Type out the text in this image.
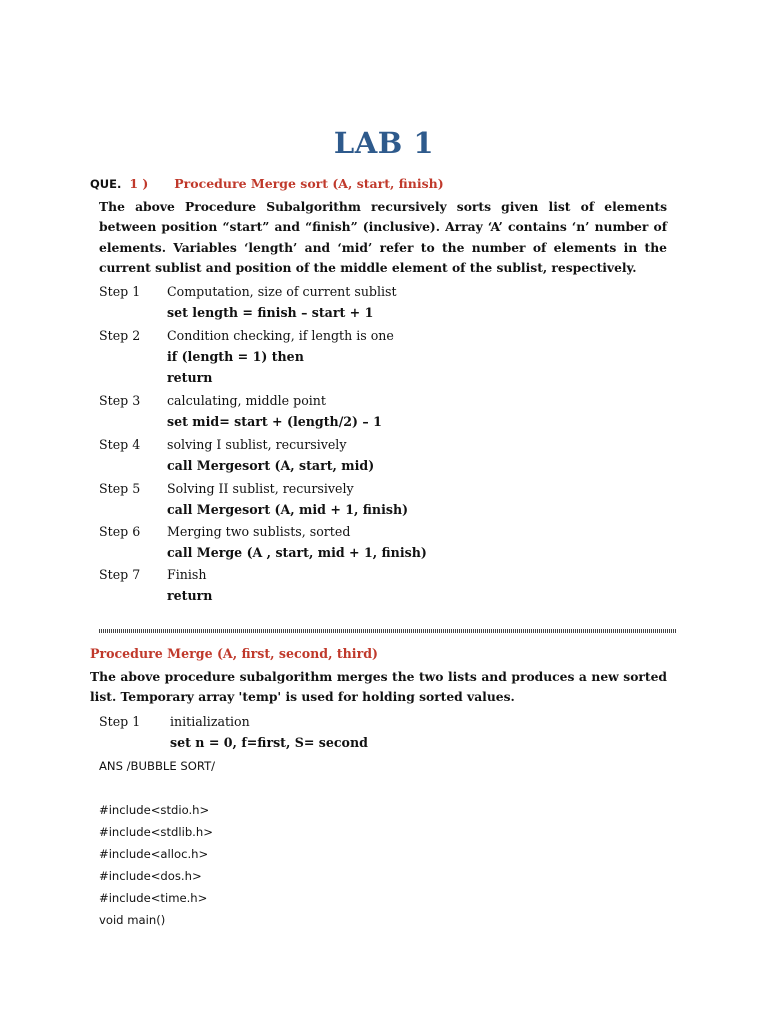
LAB 1
QUE. 1 ) Procedure Merge sort (A, start, finish)
The above Procedure Subalgorithm recursively sorts given list of elements between position “start” and “finish” (inclusive). Array ‘A’ contains ‘n’ number of elements. Variables ‘length’ and ‘mid’ refer to the number of elements in the current sublist and position of the middle element of the sublist, respectively.
Step 1 Computation, size of current sublist
set length = finish – start + 1
Step 2 Condition checking, if length is one
if (length = 1) then
return
Step 3 calculating, middle point
set mid= start + (length/2) – 1
Step 4 solving I sublist, recursively
call Mergesort (A, start, mid)
Step 5 Solving II sublist, recursively
call Mergesort (A, mid + 1, finish)
Step 6 Merging two sublists, sorted
call Merge (A , start, mid + 1, finish)
Step 7 Finish
return
Procedure Merge (A, first, second, third)
The above procedure subalgorithm merges the two lists and produces a new sorted list. Temporary array 'temp' is used for holding sorted values.
Step 1 initialization
set n = 0, f=first, S= second
ANS /BUBBLE SORT/
#include<stdio.h>
#include<stdlib.h>
#include<alloc.h>
#include<dos.h>
#include<time.h>
void main()
